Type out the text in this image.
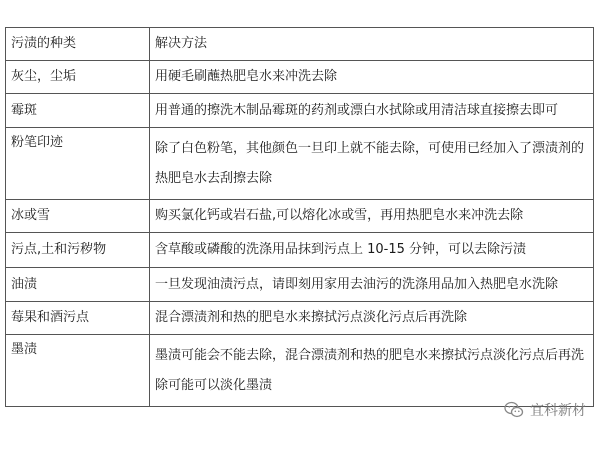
污渍的种类	解决方法
灰尘，尘垢	用硬毛刷蘸热肥皂水来冲洗去除
霉斑	用普通的擦洗木制品霉斑的药剂或漂白水拭除或用清洁球直接擦去即可
粉笔印迹	除了白色粉笔，其他颜色一旦印上就不能去除，可使用已经加入了漂渍剂的
热肥皂水去刮擦去除

冰或雪	购买氯化钙或岩石盐,可以熔化冰或雪，再用热肥皂水来冲洗去除
污点,土和污秽物	含草酸或磷酸的洗涤用品抹到污点上 10-15 分钟，可以去除污渍
油渍	一旦发现油渍污点，请即刻用家用去油污的洗涤用品加入热肥皂水洗除
莓果和酒污点	混合漂渍剂和热的肥皂水来擦拭污点淡化污点后再洗除
墨渍	墨渍可能会不能去除，混合漂渍剂和热的肥皂水来擦拭污点淡化污点后再洗
除可能可以淡化墨渍
宜科新材
